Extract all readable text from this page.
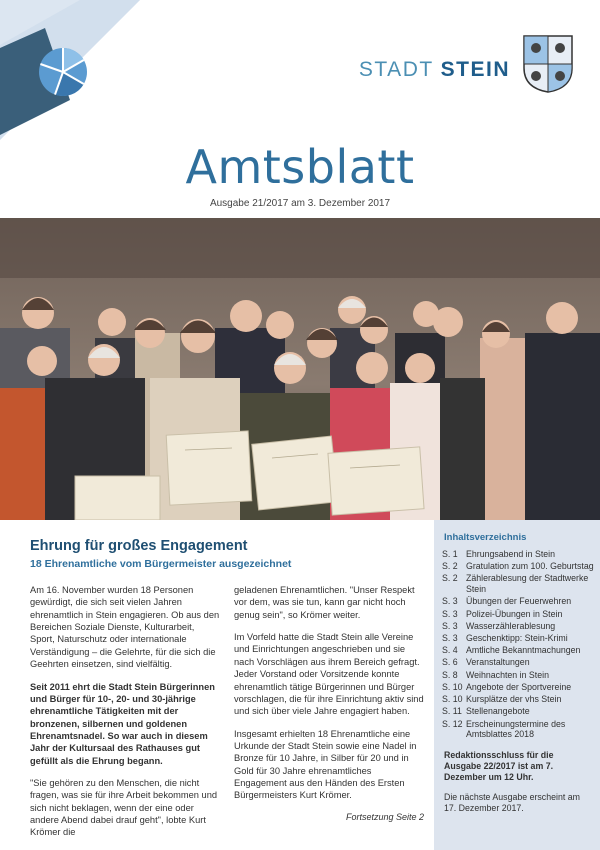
STADT STEIN
Amtsblatt
Ausgabe 21/2017 am 3. Dezember 2017
Ehrung für großes Engagement
18 Ehrenamtliche vom Bürgermeister ausgezeichnet

Am 16. November wurden 18 Personen gewürdigt, die sich seit vielen Jahren ehrenamtlich in Stein engagieren. Ob aus den Bereichen Soziale Dienste, Kulturarbeit, Sport, Naturschutz oder internationale Verständigung – die Gelehrte, für die sich die Geehrten einsetzen, sind vielfältig.

Seit 2011 ehrt die Stadt Stein Bürgerinnen und Bürger für 10-, 20- und 30-jährige ehrenamtliche Tätigkeiten mit der bronzenen, silbernen und goldenen Ehrenamtsnadel. So war auch in diesem Jahr der Kultursaal des Rathauses gut gefüllt als die Ehrung begann.

"Sie gehören zu den Menschen, die nicht fragen, was sie für ihre Arbeit bekommen und sich nicht beklagen, wenn der eine oder andere Abend dabei drauf geht", lobte Kurt Krömer die

geladenen Ehrenamtlichen. "Unser Respekt vor dem, was sie tun, kann gar nicht hoch genug sein", so Krömer weiter.

Im Vorfeld hatte die Stadt Stein alle Vereine und Einrichtungen angeschrieben und sie nach Vorschlägen aus ihrem Bereich gefragt. Jeder Vorstand oder Vorsitzende konnte ehrenamtlich tätige Bürgerinnen und Bürger vorschlagen, die für ihre Einrichtung aktiv sind und sich über viele Jahre engagiert haben.

Insgesamt erhielten 18 Ehrenamtliche eine Urkunde der Stadt Stein sowie eine Nadel in Bronze für 10 Jahre, in Silber für 20 und in Gold für 30 Jahre ehrenamtliches Engagement aus den Händen des Ersten Bürgermeisters Kurt Krömer.

Fortsetzung Seite 2
Inhaltsverzeichnis
S. 1	Ehrungsabend in Stein
S. 2	Gratulation zum 100. Geburtstag
S. 2	Zählerablesung der Stadtwerke Stein
S. 3	Übungen der Feuerwehren
S. 3	Polizei-Übungen in Stein
S. 3	Wasserzählerablesung
S. 3	Geschenktipp: Stein-Krimi
S. 4	Amtliche Bekanntmachungen
S. 6	Veranstaltungen
S. 8	Weihnachten in Stein
S. 10	Angebote der Sportvereine
S. 10	Kursplätze der vhs Stein
S. 11	Stellenangebote
S. 12	Erscheinungstermine des Amtsblattes 2018
Redaktionsschluss für die Ausgabe 22/2017 ist am 7. Dezember um 12 Uhr.
Die nächste Ausgabe erscheint am 17. Dezember 2017.
